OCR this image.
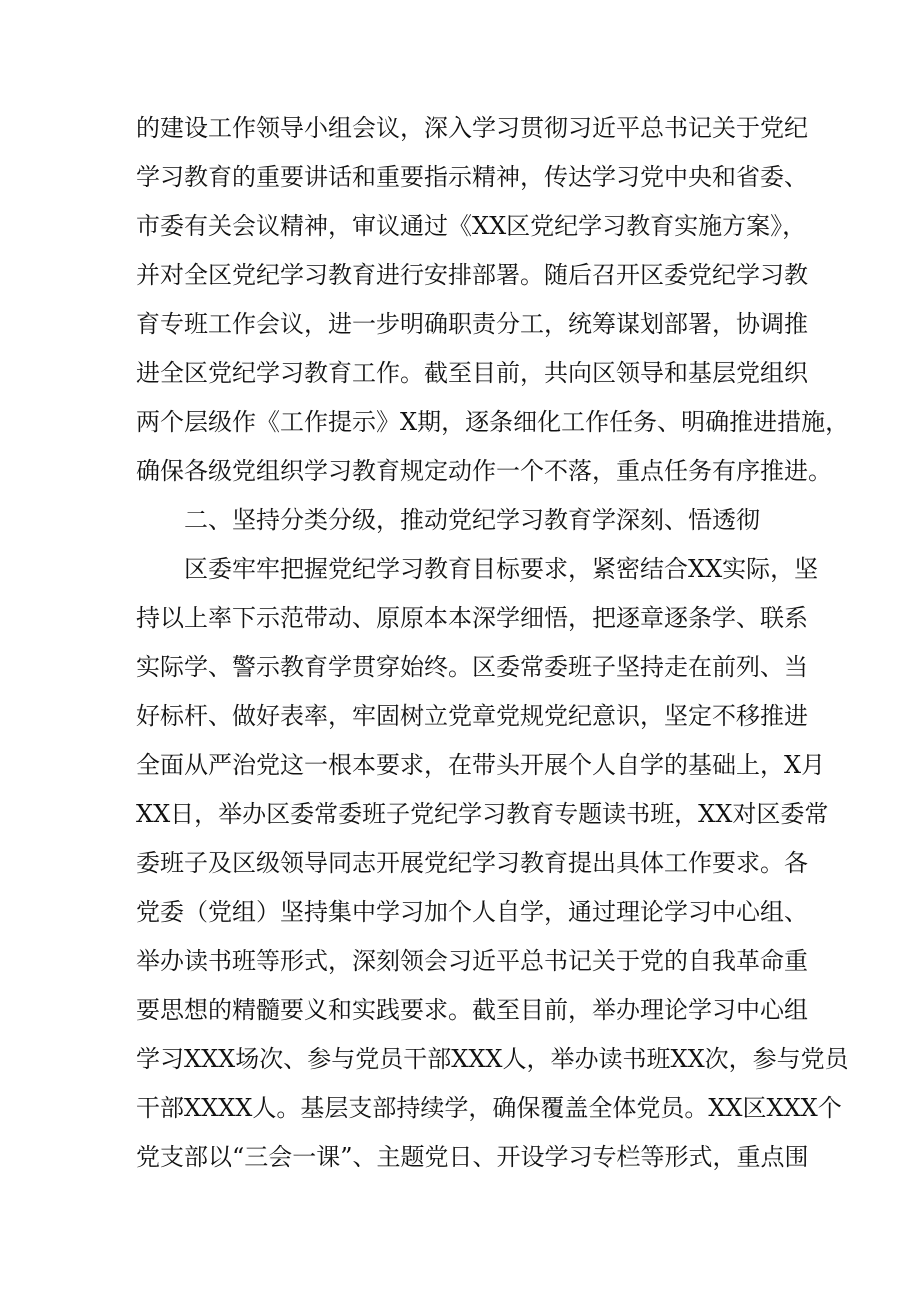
的建设工作领导小组会议，深入学习贯彻习近平总书记关于党纪
学习教育的重要讲话和重要指示精神，传达学习党中央和省委、
市委有关会议精神，审议通过《XX区党纪学习教育实施方案》，
并对全区党纪学习教育进行安排部署。随后召开区委党纪学习教
育专班工作会议，进一步明确职责分工，统筹谋划部署，协调推
进全区党纪学习教育工作。截至目前，共向区领导和基层党组织
两个层级作《工作提示》X期，逐条细化工作任务、明确推进措施，
确保各级党组织学习教育规定动作一个不落，重点任务有序推进。
二、坚持分类分级，推动党纪学习教育学深刻、悟透彻
区委牢牢把握党纪学习教育目标要求，紧密结合XX实际，坚
持以上率下示范带动、原原本本深学细悟，把逐章逐条学、联系
实际学、警示教育学贯穿始终。区委常委班子坚持走在前列、当
好标杆、做好表率，牢固树立党章党规党纪意识，坚定不移推进
全面从严治党这一根本要求，在带头开展个人自学的基础上，X月
XX日，举办区委常委班子党纪学习教育专题读书班，XX对区委常
委班子及区级领导同志开展党纪学习教育提出具体工作要求。各
党委（党组）坚持集中学习加个人自学，通过理论学习中心组、
举办读书班等形式，深刻领会习近平总书记关于党的自我革命重
要思想的精髓要义和实践要求。截至目前，举办理论学习中心组
学习XXX场次、参与党员干部XXX人，举办读书班XX次，参与党员
干部XXXX人。基层支部持续学，确保覆盖全体党员。XX区XXX个
党支部以“三会一课”、主题党日、开设学习专栏等形式，重点围
